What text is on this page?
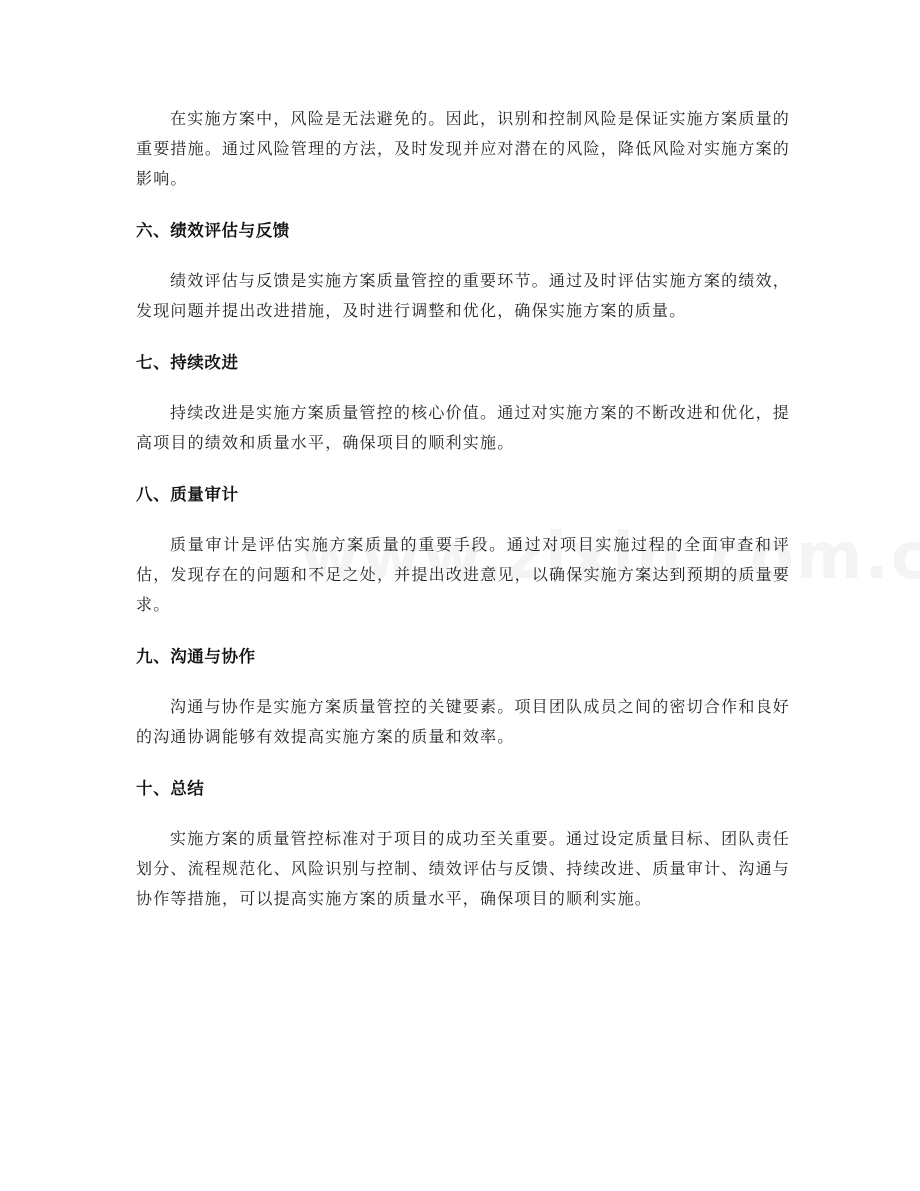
在实施方案中，风险是无法避免的。因此，识别和控制风险是保证实施方案质量的重要措施。通过风险管理的方法，及时发现并应对潜在的风险，降低风险对实施方案的影响。

六、绩效评估与反馈

绩效评估与反馈是实施方案质量管控的重要环节。通过及时评估实施方案的绩效，发现问题并提出改进措施，及时进行调整和优化，确保实施方案的质量。

七、持续改进

持续改进是实施方案质量管控的核心价值。通过对实施方案的不断改进和优化，提高项目的绩效和质量水平，确保项目的顺利实施。

八、质量审计

质量审计是评估实施方案质量的重要手段。通过对项目实施过程的全面审查和评估，发现存在的问题和不足之处，并提出改进意见，以确保实施方案达到预期的质量要求。

九、沟通与协作

沟通与协作是实施方案质量管控的关键要素。项目团队成员之间的密切合作和良好的沟通协调能够有效提高实施方案的质量和效率。

十、总结

实施方案的质量管控标准对于项目的成功至关重要。通过设定质量目标、团队责任划分、流程规范化、风险识别与控制、绩效评估与反馈、持续改进、质量审计、沟通与协作等措施，可以提高实施方案的质量水平，确保项目的顺利实施。
